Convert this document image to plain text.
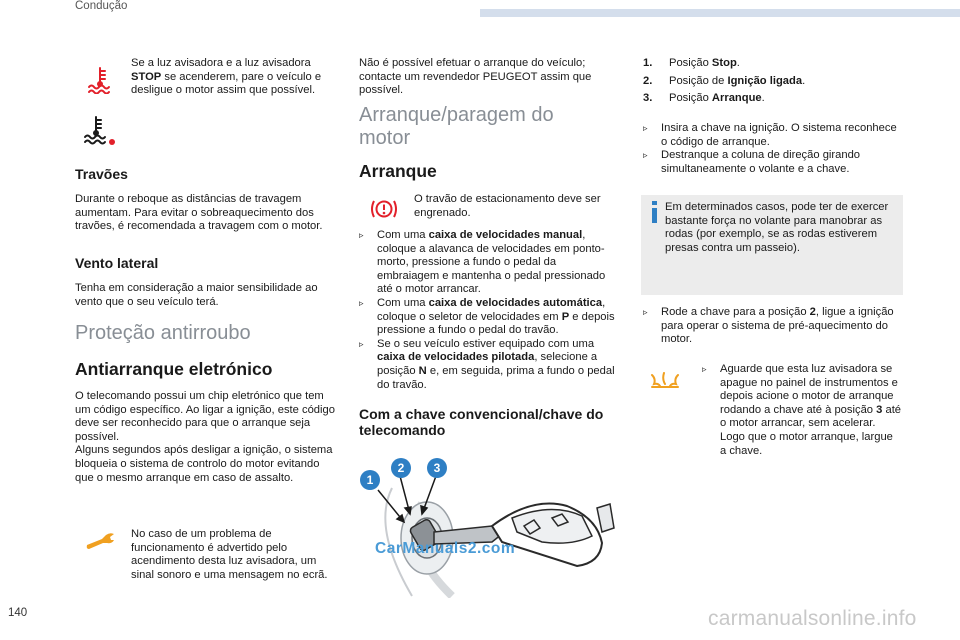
Condução
140	carmanualsonline.info

Se a luz avisadora e a luz avisadora STOP se acenderem, pare o veículo e desligue o motor assim que possível.

Travões

Durante o reboque as distâncias de travagem aumentam. Para evitar o sobreaquecimento dos travões, é recomendada a travagem com o motor.

Vento lateral

Tenha em consideração a maior sensibilidade ao vento que o seu veículo terá.

Proteção antirroubo
Antiarranque eletrónico

O telecomando possui um chip eletrónico que tem um código específico. Ao ligar a ignição, este código deve ser reconhecido para que o arranque seja possível.
Alguns segundos após desligar a ignição, o sistema bloqueia o sistema de controlo do motor evitando que o mesmo arranque em caso de assalto.

No caso de um problema de funcionamento é advertido pelo acendimento desta luz avisadora, um sinal sonoro e uma mensagem no ecrã.

Não é possível efetuar o arranque do veículo; contacte um revendedor PEUGEOT assim que possível.

Arranque/paragem do motor
Arranque

O travão de estacionamento deve ser engrenado.

▹ Com uma caixa de velocidades manual, coloque a alavanca de velocidades em ponto-morto, pressione a fundo o pedal da embraiagem e mantenha o pedal pressionado até o motor arrancar.

▹ Com uma caixa de velocidades automática, coloque o seletor de velocidades em P e depois pressione a fundo o pedal do travão.

▹ Se o seu veículo estiver equipado com uma caixa de velocidades pilotada, selecione a posição N e, em seguida, prima a fundo o pedal do travão.

Com a chave convencional/chave do telecomando
1
2 3
CarManuals2.com
1.	Posição Stop.
2.	Posição de Ignição ligada.
3.	Posição Arranque.

▹ Insira a chave na ignição. O sistema reconhece o código de arranque.

▹ Destranque a coluna de direção girando simultaneamente o volante e a chave.

Em determinados casos, pode ter de exercer bastante força no volante para manobrar as rodas (por exemplo, se as rodas estiverem presas contra um passeio).

▹ Rode a chave para a posição 2, ligue a ignição para operar o sistema de pré-aquecimento do motor.

▹ Aguarde que esta luz avisadora se apague no painel de instrumentos e depois acione o motor de arranque rodando a chave até à posição 3 até o motor arrancar, sem acelerar. Logo que o motor arranque, largue a chave.
